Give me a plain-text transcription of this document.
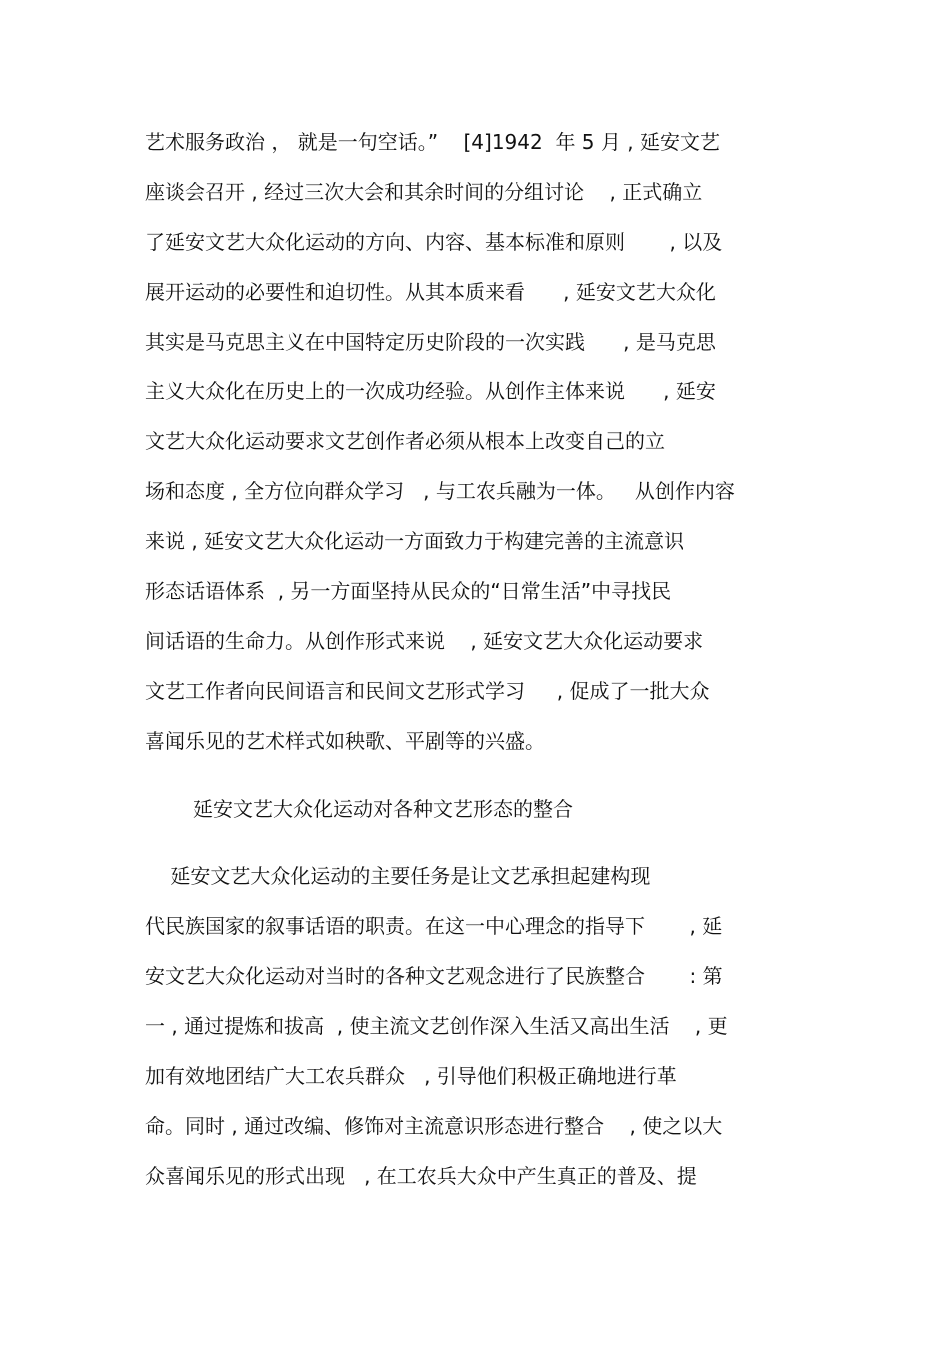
艺术服务政治 ， 就是一句空话。”    [4]1942  年 5 月 , 延安文艺
座谈会召开 , 经过三次大会和其余时间的分组讨论    , 正式确立
了延安文艺大众化运动的方向、内容、基本标准和原则       , 以及
展开运动的必要性和迫切性。从其本质来看      , 延安文艺大众化
其实是马克思主义在中国特定历史阶段的一次实践      , 是马克思
主义大众化在历史上的一次成功经验。从创作主体来说      , 延安
文艺大众化运动要求文艺创作者必须从根本上改变自己的立
场和态度 , 全方位向群众学习   , 与工农兵融为一体。   从创作内容
来说 , 延安文艺大众化运动一方面致力于构建完善的主流意识
形态话语体系  , 另一方面坚持从民众的“日常生活”中寻找民
间话语的生命力。从创作形式来说    , 延安文艺大众化运动要求
文艺工作者向民间语言和民间文艺形式学习     , 促成了一批大众
喜闻乐见的艺术样式如秧歌、平剧等的兴盛。
延安文艺大众化运动对各种文艺形态的整合
延安文艺大众化运动的主要任务是让文艺承担起建构现
代民族国家的叙事话语的职责。在这一中心理念的指导下       , 延
安文艺大众化运动对当时的各种文艺观念进行了民族整合       : 第
一 , 通过提炼和拔高  , 使主流文艺创作深入生活又高出生活    , 更
加有效地团结广大工农兵群众   , 引导他们积极正确地进行革
命。同时 , 通过改编、修饰对主流意识形态进行整合    , 使之以大
众喜闻乐见的形式出现   , 在工农兵大众中产生真正的普及、提
